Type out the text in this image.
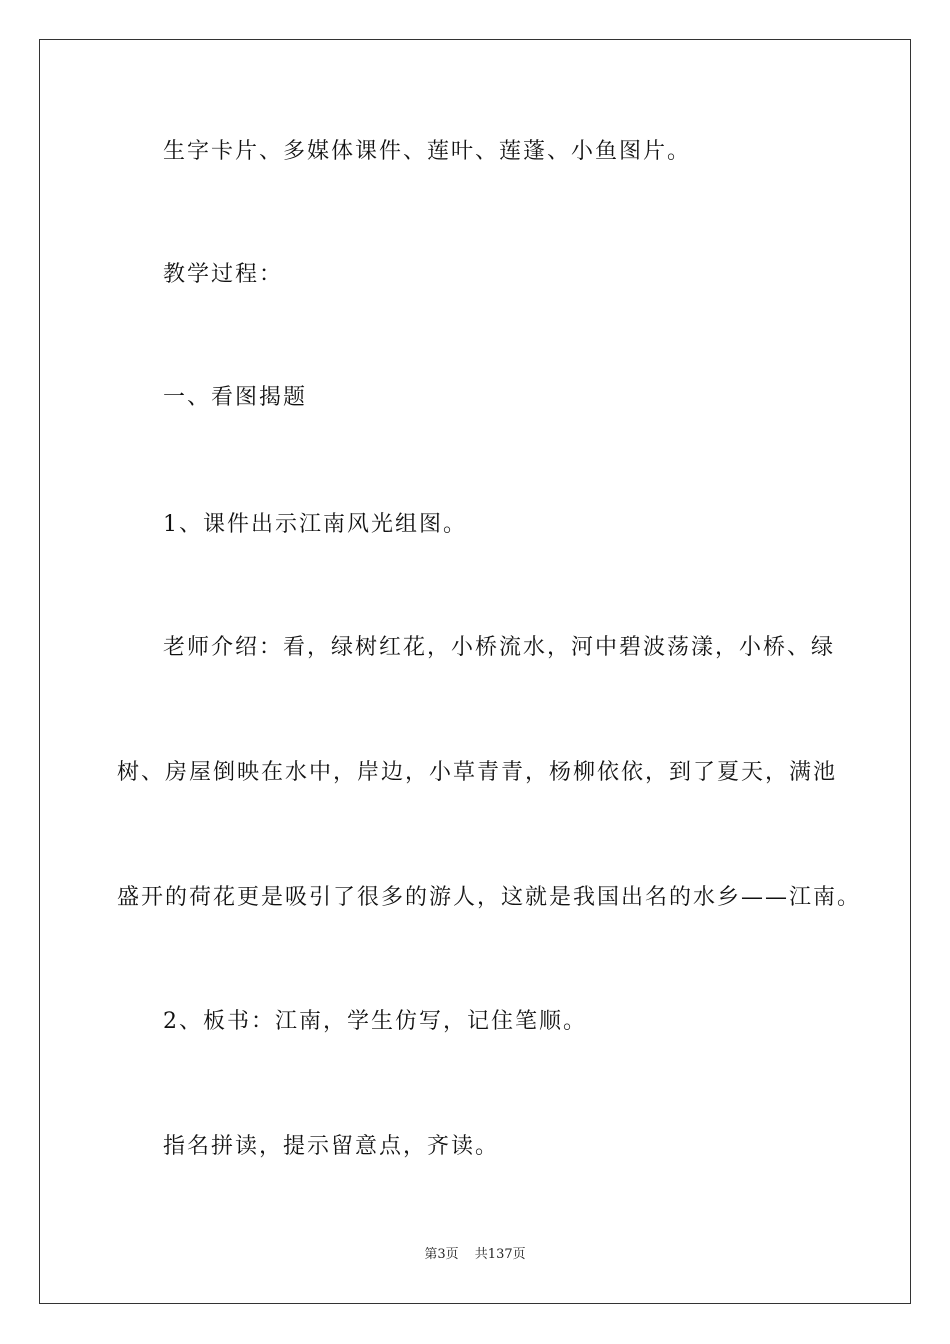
生字卡片、多媒体课件、莲叶、莲蓬、小鱼图片。
教学过程：
一、看图揭题
1、课件出示江南风光组图。
老师介绍：看，绿树红花，小桥流水，河中碧波荡漾，小桥、绿
树、房屋倒映在水中，岸边，小草青青，杨柳依依，到了夏天，满池
盛开的荷花更是吸引了很多的游人，这就是我国出名的水乡——江南。
2、板书：江南，学生仿写，记住笔顺。
指名拼读，提示留意点，齐读。
第3页 共137页
